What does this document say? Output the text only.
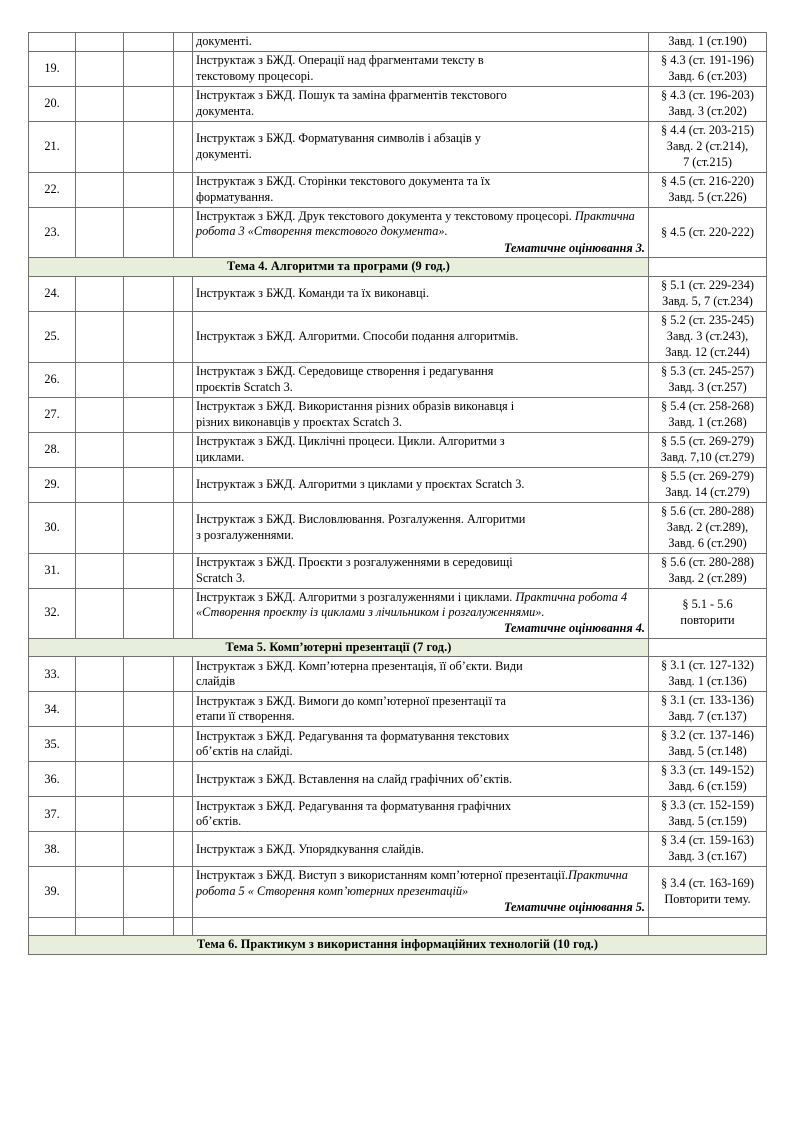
				документі.	Завд. 1 (ст.190)

19.				Інструктаж з БЖД. Операції над фрагментами тексту в
текстовому процесорі.	§ 4.3 (ст. 191-196)
Завд. 6 (ст.203)

20.				Інструктаж з БЖД. Пошук та заміна фрагментів текстового
документа.	§ 4.3 (ст. 196-203)
Завд. 3 (ст.202)

21.				Інструктаж з БЖД. Форматування символів і абзаців у
документі.	§ 4.4 (ст. 203-215)
Завд. 2 (ст.214),
7 (ст.215)

22.				Інструктаж з БЖД. Сторінки текстового документа та їх
форматування.	§ 4.5 (ст. 216-220)
Завд. 5 (ст.226)

23.				Інструктаж з БЖД. Друк текстового документа у текстовому процесорі. Практична робота 3 «Створення текстового документа».
Тематичне оцінювання 3.	§ 4.5 (ст. 220-222)

Тема 4. Алгоритми та програми (9 год.)					
24.				Інструктаж з БЖД. Команди та їх виконавці.	§ 5.1 (ст. 229-234)
Завд. 5, 7 (ст.234)

25.				Інструктаж з БЖД. Алгоритми. Способи подання алгоритмів.	§ 5.2 (ст. 235-245)
Завд. 3 (ст.243),
Завд. 12 (ст.244)

26.				Інструктаж з БЖД. Середовище створення і редагування
проєктів Scratch 3.	§ 5.3 (ст. 245-257)
Завд. 3 (ст.257)

27.				Інструктаж з БЖД. Використання різних образів виконавця і
різних виконавців у проєктах Scratch 3.	§ 5.4 (ст. 258-268)
Завд. 1 (ст.268)

28.				Інструктаж з БЖД. Циклічні процеси. Цикли. Алгоритми з
циклами.	§ 5.5 (ст. 269-279)
Завд. 7,10 (ст.279)

29.				Інструктаж з БЖД. Алгоритми з циклами у проєктах Scratch 3.	§ 5.5 (ст. 269-279)
Завд. 14 (ст.279)

30.				Інструктаж з БЖД. Висловлювання. Розгалуження. Алгоритми
з розгалуженнями.	§ 5.6 (ст. 280-288)
Завд. 2 (ст.289),
Завд. 6 (ст.290)

31.				Інструктаж з БЖД. Проєкти з розгалуженнями в середовищі
Scratch 3.	§ 5.6 (ст. 280-288)
Завд. 2 (ст.289)

32.				Інструктаж з БЖД. Алгоритми з розгалуженнями і циклами. Практична робота 4 «Створення проєкту із циклами з лічильником і розгалуженнями».
Тематичне оцінювання 4.	§ 5.1 - 5.6
повторити

Тема 5. Комп’ютерні презентації (7 год.)					
33.				Інструктаж з БЖД. Комп’ютерна презентація, її об’єкти. Види
слайдів	§ 3.1 (ст. 127-132)
Завд. 1 (ст.136)

34.				Інструктаж з БЖД. Вимоги до комп’ютерної презентації та
етапи її створення.	§ 3.1 (ст. 133-136)
Завд. 7 (ст.137)

35.				Інструктаж з БЖД. Редагування та форматування текстових
об’єктів на слайді.	§ 3.2 (ст. 137-146)
Завд. 5 (ст.148)

36.				Інструктаж з БЖД. Вставлення на слайд графічних об’єктів.	§ 3.3 (ст. 149-152)
Завд. 6 (ст.159)

37.				Інструктаж з БЖД. Редагування та форматування графічних
об’єктів.	§ 3.3 (ст. 152-159)
Завд. 5 (ст.159)

38.				Інструктаж з БЖД. Упорядкування слайдів.	§ 3.4 (ст. 159-163)
Завд. 3 (ст.167)

39.				Інструктаж з БЖД. Виступ з використанням комп’ютерної презентації.Практична робота 5 « Створення комп’ютерних презентацій»
Тематичне оцінювання 5.	§ 3.4 (ст. 163-169)
Повторити тему.

Тема 6. Практикум з використання інформаційних технологій (10 год.)					
